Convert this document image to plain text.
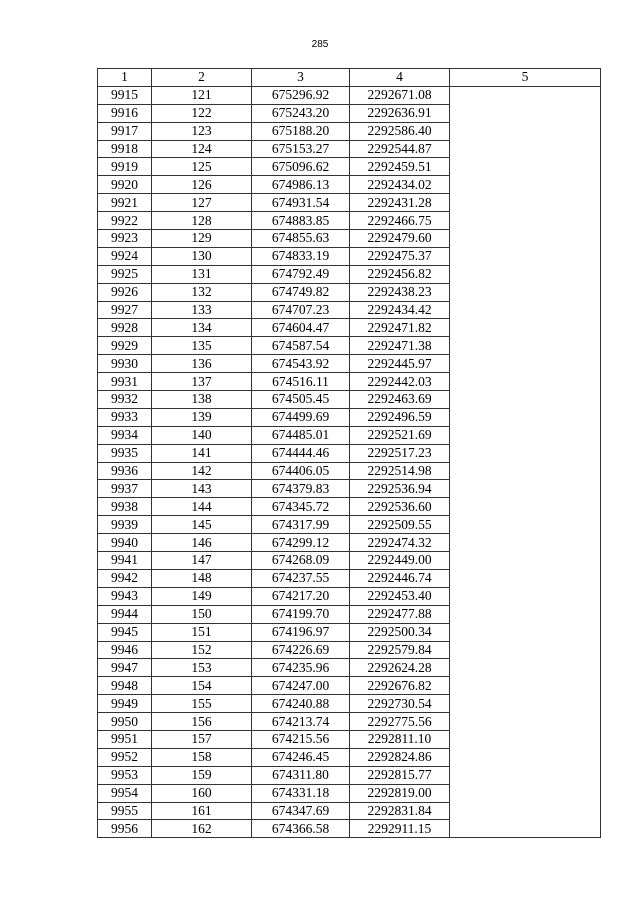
285
1	2	3	4	5
9915	121	675296.92	2292671.08	
9916	122	675243.20	2292636.91	
9917	123	675188.20	2292586.40	
9918	124	675153.27	2292544.87	
9919	125	675096.62	2292459.51	
9920	126	674986.13	2292434.02	
9921	127	674931.54	2292431.28	
9922	128	674883.85	2292466.75	
9923	129	674855.63	2292479.60	
9924	130	674833.19	2292475.37	
9925	131	674792.49	2292456.82	
9926	132	674749.82	2292438.23	
9927	133	674707.23	2292434.42	
9928	134	674604.47	2292471.82	
9929	135	674587.54	2292471.38	
9930	136	674543.92	2292445.97	
9931	137	674516.11	2292442.03	
9932	138	674505.45	2292463.69	
9933	139	674499.69	2292496.59	
9934	140	674485.01	2292521.69	
9935	141	674444.46	2292517.23	
9936	142	674406.05	2292514.98	
9937	143	674379.83	2292536.94	
9938	144	674345.72	2292536.60	
9939	145	674317.99	2292509.55	
9940	146	674299.12	2292474.32	
9941	147	674268.09	2292449.00	
9942	148	674237.55	2292446.74	
9943	149	674217.20	2292453.40	
9944	150	674199.70	2292477.88	
9945	151	674196.97	2292500.34	
9946	152	674226.69	2292579.84	
9947	153	674235.96	2292624.28	
9948	154	674247.00	2292676.82	
9949	155	674240.88	2292730.54	
9950	156	674213.74	2292775.56	
9951	157	674215.56	2292811.10	
9952	158	674246.45	2292824.86	
9953	159	674311.80	2292815.77	
9954	160	674331.18	2292819.00	
9955	161	674347.69	2292831.84	
9956	162	674366.58	2292911.15	
